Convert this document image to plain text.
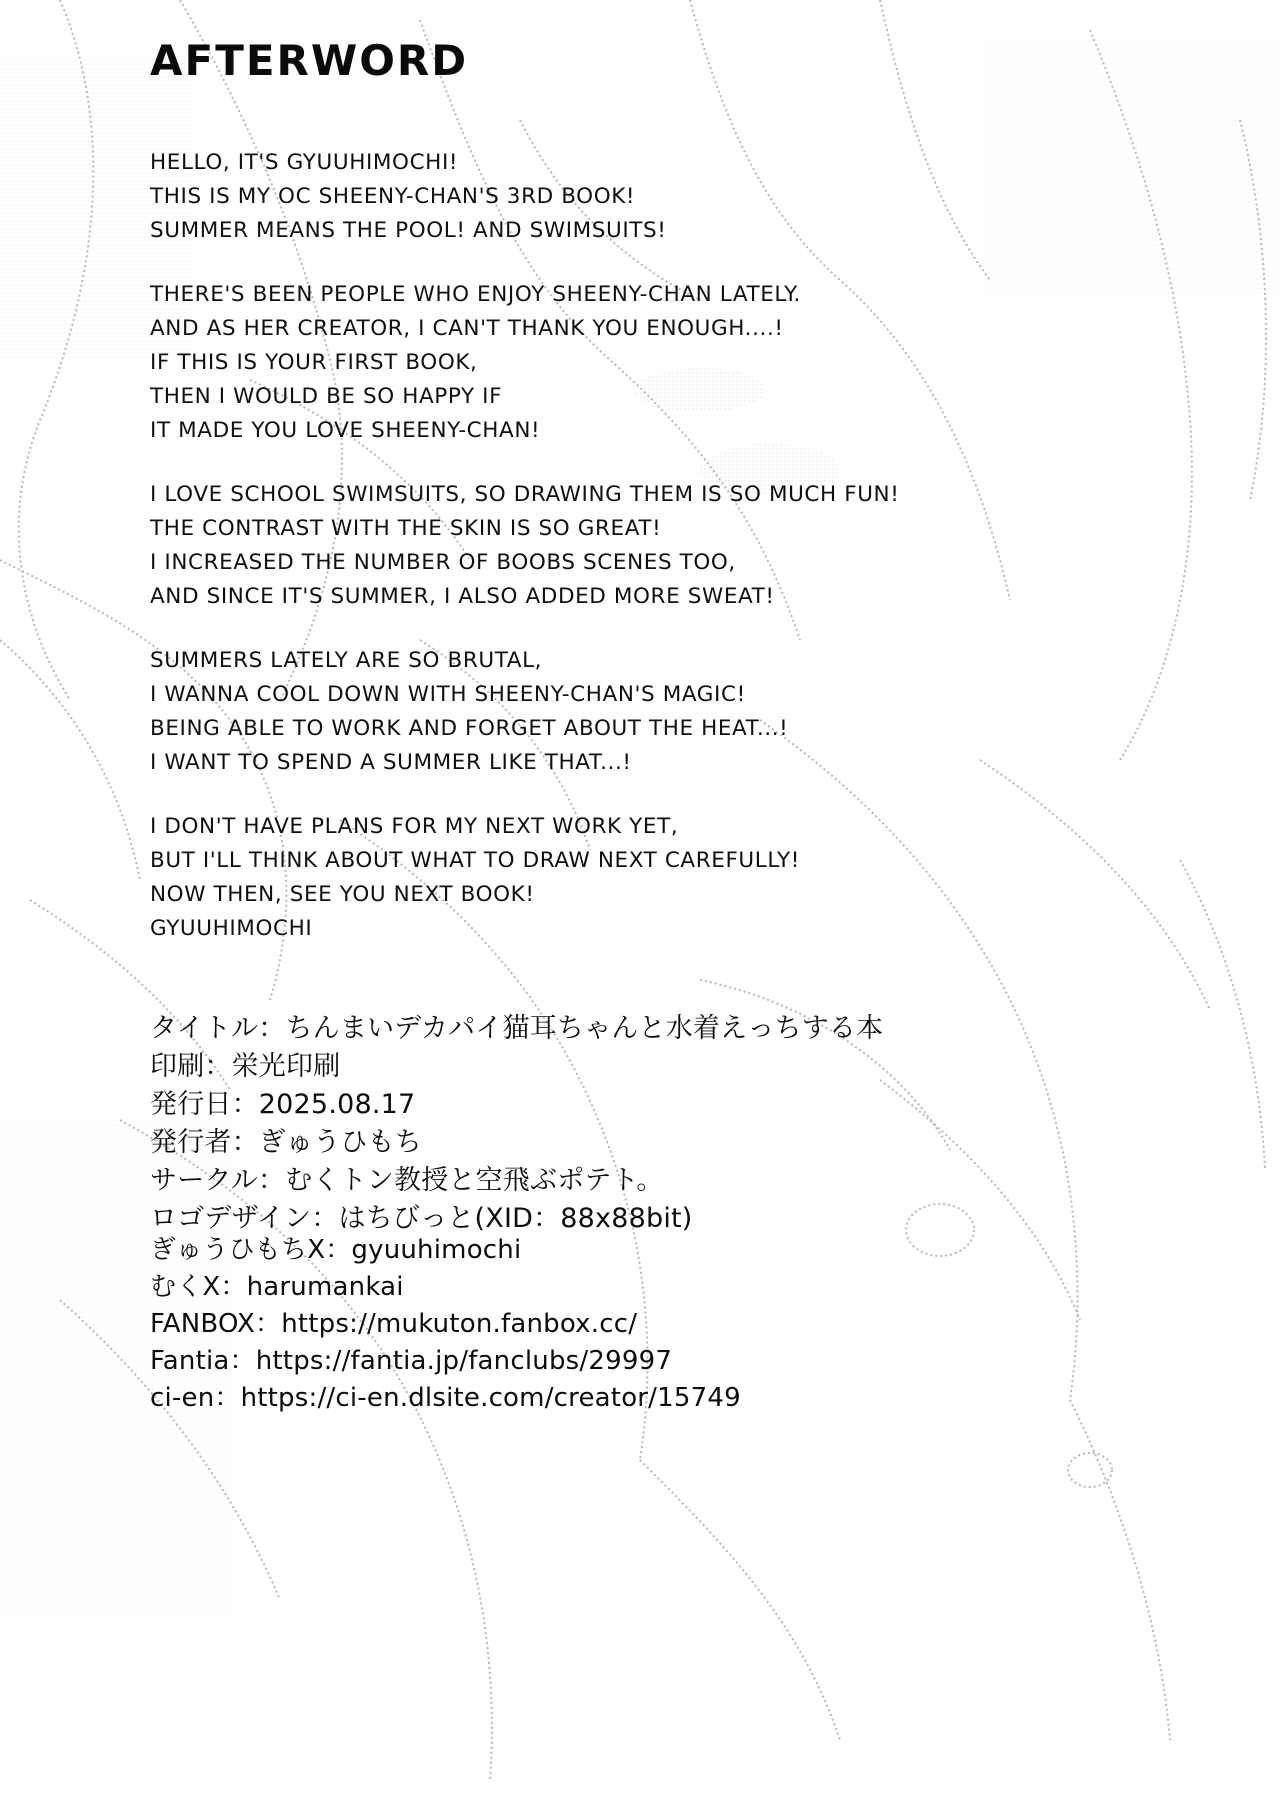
AFTERWORD
HELLO, IT'S GYUUHIMOCHI!
THIS IS MY OC SHEENY-CHAN'S 3RD BOOK!
SUMMER MEANS THE POOL! AND SWIMSUITS!
THERE'S BEEN PEOPLE WHO ENJOY SHEENY-CHAN LATELY.
AND AS HER CREATOR, I CAN'T THANK YOU ENOUGH....!
IF THIS IS YOUR FIRST BOOK,
THEN I WOULD BE SO HAPPY IF
IT MADE YOU LOVE SHEENY-CHAN!
I LOVE SCHOOL SWIMSUITS, SO DRAWING THEM IS SO MUCH FUN!
THE CONTRAST WITH THE SKIN IS SO GREAT!
I INCREASED THE NUMBER OF BOOBS SCENES TOO,
AND SINCE IT'S SUMMER, I ALSO ADDED MORE SWEAT!
SUMMERS LATELY ARE SO BRUTAL,
I WANNA COOL DOWN WITH SHEENY-CHAN'S MAGIC!
BEING ABLE TO WORK AND FORGET ABOUT THE HEAT...!
I WANT TO SPEND A SUMMER LIKE THAT...!
I DON'T HAVE PLANS FOR MY NEXT WORK YET,
BUT I'LL THINK ABOUT WHAT TO DRAW NEXT CAREFULLY!
NOW THEN, SEE YOU NEXT BOOK!
GYUUHIMOCHI
タイトル：ちんまいデカパイ猫耳ちゃんと水着えっちする本
印刷：栄光印刷
発行日：2025.08.17
発行者：ぎゅうひもち
サークル：むくトン教授と空飛ぶポテト。
ロゴデザイン：はちびっと(XID：88x88bit)
ぎゅうひもちX：gyuuhimochi
むくX：harumankai
FANBOX：https://mukuton.fanbox.cc/
Fantia：https://fantia.jp/fanclubs/29997
ci-en：https://ci-en.dlsite.com/creator/15749
